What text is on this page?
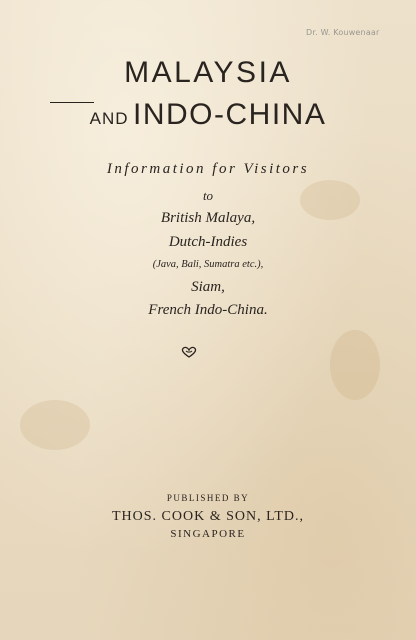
Dr. W. Kouwenaar
MALAYSIA
AND INDO-CHINA
Information for Visitors
to
British Malaya,
Dutch-Indies
(Java, Bali, Sumatra etc.),
Siam,
French Indo-China.
PUBLISHED BY
THOS. COOK & SON, LTD.,
SINGAPORE
